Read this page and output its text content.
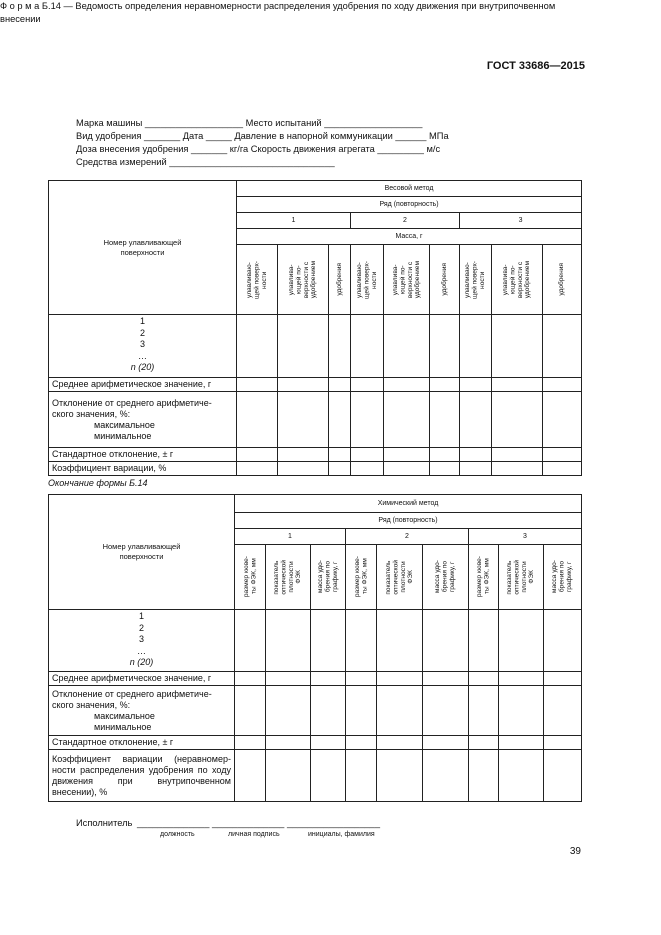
ГОСТ 33686—2015
Ф о р м а Б.14 — Ведомость определения неравномерности распределения удобрения по ходу движения при внутрипочвенном внесении
Марка машины ___________________ Место испытаний ___________________
Вид удобрения _______ Дата _____ Давление в напорной коммуникации ______ МПа
Доза внесения удобрения _______ кг/га Скорость движения агрегата _________ м/с
Средства измерений ________________________________
Номер улавливающей поверхности	Весовой метод								
	Ряд (повторность)								
	1			2			3		
	Масса, г								

	улавливаю-
щей поверх-
ности	улавлива-
ющей по-
верхности с
удобрением	удобрения	улавливаю-
щей поверх-
ности	улавлива-
ющей по-
верхности с
удобрением	удобрения	улавливаю-
щей поверх-
ности	улавлива-
ющей по-
верхности с
удобрением	удобрения

1
2
3
…
n (20)									

Среднее арифметическое значение, г									

Отклонение от среднего арифметиче-ского значения, %:
максимальное
минимальное									

Стандартное отклонение, ± г									
Коэффициент вариации, %									
Окончание формы Б.14
Номер улавливающей поверхности	Химический метод								
	Ряд (повторность)								
	1			2			3		

	размер кюве-
ты ФЭК, мм	показатель
оптической
плотности
ФЭК	масса удо-
брения по
графику, г	размер кюве-
ты ФЭК, мм	показатель
оптической
плотности
ФЭК	масса удо-
брения по
графику, г	размер кюве-
ты ФЭК, мм	показатель
оптической
плотности
ФЭК	масса удо-
брения по
графику, г

1
2
3
…
n (20)									

Среднее арифметическое значение, г									

Отклонение от среднего арифметиче-ского значения, %:
максимальное
минимальное									

Стандартное отклонение, ± г									
Коэффициент вариации (неравномер-ности распределения удобрения по ходу движения при внутрипочвенном внесении), %									
Исполнитель ______________ ______________ __________________
должность	личная подпись	инициалы, фамилия
39
